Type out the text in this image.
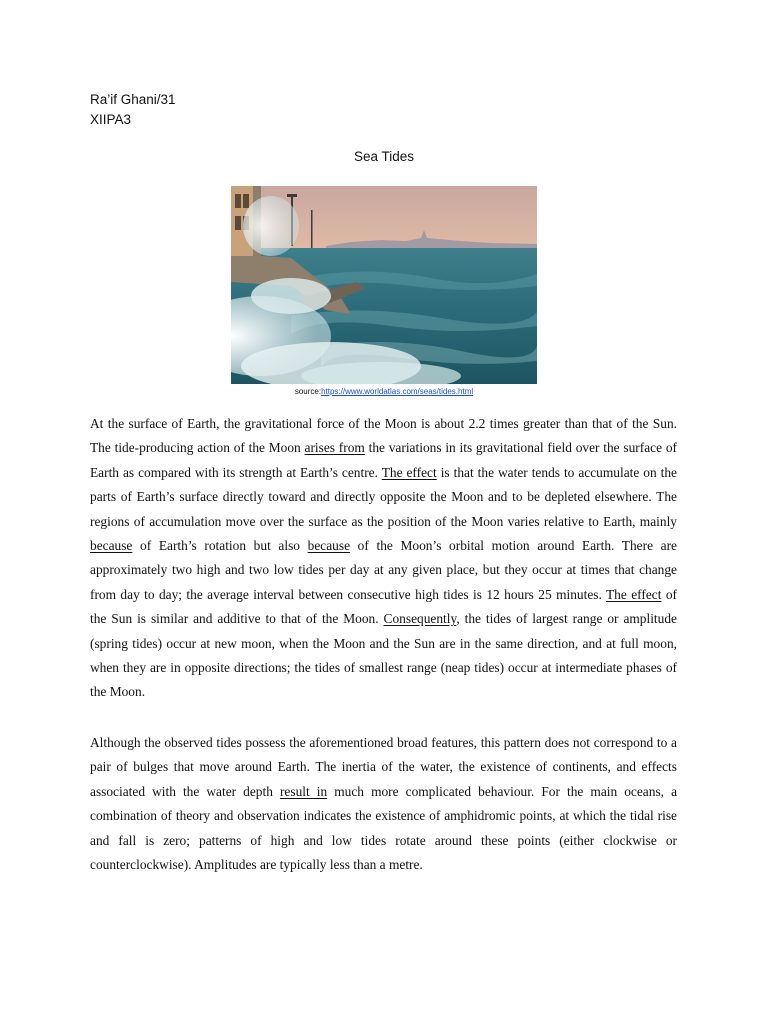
Ra’if Ghani/31
XIIPA3
Sea Tides
source:https://www.worldatlas.com/seas/tides.html

At the surface of Earth, the gravitational force of the Moon is about 2.2 times greater than that of the Sun. The tide-producing action of the Moon arises from the variations in its gravitational field over the surface of Earth as compared with its strength at Earth’s centre. The effect is that the water tends to accumulate on the parts of Earth’s surface directly toward and directly opposite the Moon and to be depleted elsewhere. The regions of accumulation move over the surface as the position of the Moon varies relative to Earth, mainly because of Earth’s rotation but also because of the Moon’s orbital motion around Earth. There are approximately two high and two low tides per day at any given place, but they occur at times that change from day to day; the average interval between consecutive high tides is 12 hours 25 minutes. The effect of the Sun is similar and additive to that of the Moon. Consequently, the tides of largest range or amplitude (spring tides) occur at new moon, when the Moon and the Sun are in the same direction, and at full moon, when they are in opposite directions; the tides of smallest range (neap tides) occur at intermediate phases of the Moon.

Although the observed tides possess the aforementioned broad features, this pattern does not correspond to a pair of bulges that move around Earth. The inertia of the water, the existence of continents, and effects associated with the water depth result in much more complicated behaviour. For the main oceans, a combination of theory and observation indicates the existence of amphidromic points, at which the tidal rise and fall is zero; patterns of high and low tides rotate around these points (either clockwise or counterclockwise). Amplitudes are typically less than a metre.
